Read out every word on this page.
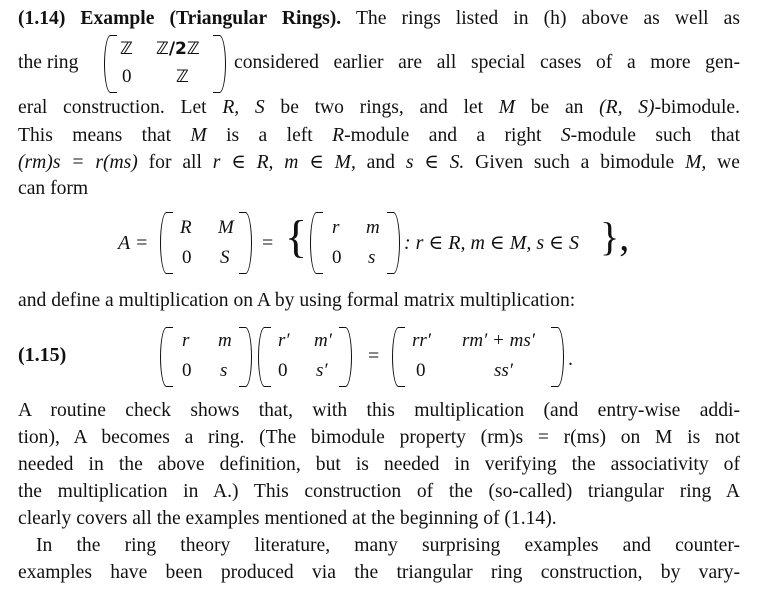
(1.14) Example (Triangular Rings). The rings listed in (h) above as well as
the ring
ℤ ℤ/2ℤ
0	ℤ
considered earlier are all special cases of a more gen-
eral construction. Let R, S be two rings, and let M be an (R, S)-bimodule.
This means that M is a left R-module and a right S-module such that
(rm)s = r(ms) for all r ∈ R, m ∈ M, and s ∈ S. Given such a bimodule M, we
can form
A =
R M
0 S
= { r m
0 s
: r ∈ R, m ∈ M, s ∈ S },
and define a multiplication on A by using formal matrix multiplication:
(1.15)
r m
0 s
r′ m′
0 s′
=
rr′ rm′ + ms′
0	ss′
.
A routine check shows that, with this multiplication (and entry-wise addi-
tion), A becomes a ring. (The bimodule property (rm)s = r(ms) on M is not
needed in the above definition, but is needed in verifying the associativity of
the multiplication in A.) This construction of the (so-called) triangular ring A
clearly covers all the examples mentioned at the beginning of (1.14).
In the ring theory literature, many surprising examples and counter-
examples have been produced via the triangular ring construction, by vary-
